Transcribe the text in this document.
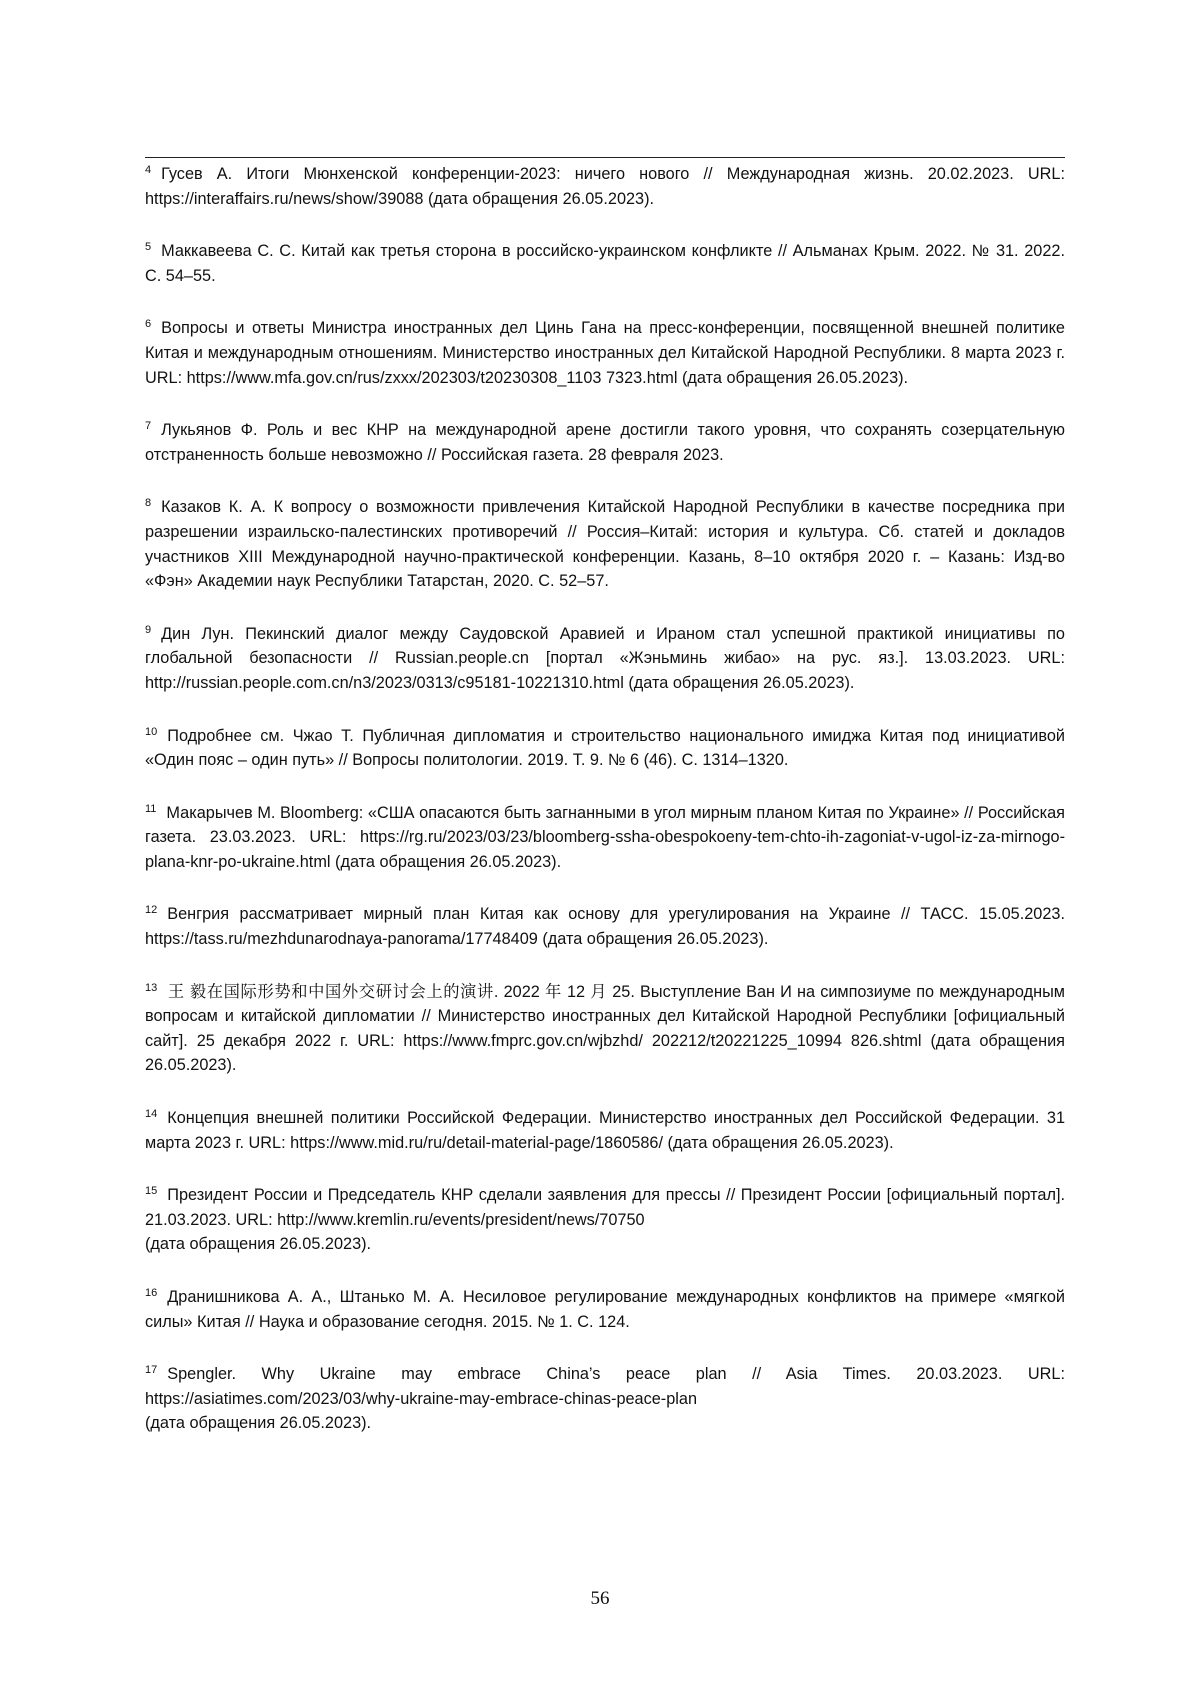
$^4$ Гусев А. Итоги Мюнхенской конференции-2023: ничего нового // Международная жизнь. 20.02.2023. URL: https://interaffairs.ru/news/show/39088 (дата обращения 26.05.2023).

$^5$ Маккавеева С. С. Китай как третья сторона в российско-украинском конфликте // Альманах Крым. 2022. № 31. 2022. С. 54–55.

$^6$ Вопросы и ответы Министра иностранных дел Цинь Гана на пресс-конференции, посвященной внешней политике Китая и международным отношениям. Министерство иностранных дел Китайской Народной Республики. 8 марта 2023 г. URL: https://www.mfa.gov.cn/rus/zxxx/202303/t20230308_1103 7323.html (дата обращения 26.05.2023).

$^7$ Лукьянов Ф. Роль и вес КНР на международной арене достигли такого уровня, что сохранять созерцательную отстраненность больше невозможно // Российская газета. 28 февраля 2023.

$^8$ Казаков К. А. К вопросу о возможности привлечения Китайской Народной Республики в качестве посредника при разрешении израильско-палестинских противоречий // Россия–Китай: история и культура. Сб. статей и докладов участников XIII Международной научно-практической конференции. Казань, 8–10 октября 2020 г. – Казань: Изд-во «Фэн» Академии наук Республики Татарстан, 2020. С. 52–57.

$^9$ Дин Лун. Пекинский диалог между Саудовской Аравией и Ираном стал успешной практикой инициативы по глобальной безопасности // Russian.people.cn [портал «Жэньминь жибао» на рус. яз.]. 13.03.2023. URL: http://russian.people.com.cn/n3/2023/0313/c95181-10221310.html (дата обращения 26.05.2023).

$^{10}$ Подробнее см. Чжао Т. Публичная дипломатия и строительство национального имиджа Китая под инициативой «Один пояс – один путь» // Вопросы политологии. 2019. Т. 9. № 6 (46). С. 1314–1320.

$^{11}$ Макарычев М. Bloomberg: «США опасаются быть загнанными в угол мирным планом Китая по Украине» // Российская газета. 23.03.2023. URL: https://rg.ru/2023/03/23/bloomberg-ssha-obespokoeny-tem-chto-ih-zagoniat-v-ugol-iz-za-mirnogo-plana-knr-po-ukraine.html (дата обращения 26.05.2023).

$^{12}$ Венгрия рассматривает мирный план Китая как основу для урегулирования на Украине // ТАСС. 15.05.2023. https://tass.ru/mezhdunarodnaya-panorama/17748409 (дата обращения 26.05.2023).

$^{13}$ 王 毅在国际形势和中国外交研讨会上的演讲. 2022 年 12 月 25. Выступление Ван И на симпозиуме по международным вопросам и китайской дипломатии // Министерство иностранных дел Китайской Народной Республики [официальный сайт]. 25 декабря 2022 г. URL: https://www.fmprc.gov.cn/wjbzhd/ 202212/t20221225_10994 826.shtml (дата обращения 26.05.2023).

$^{14}$ Концепция внешней политики Российской Федерации. Министерство иностранных дел Российской Федерации. 31 марта 2023 г. URL: https://www.mid.ru/ru/detail-material-page/1860586/ (дата обращения 26.05.2023).

$^{15}$ Президент России и Председатель КНР сделали заявления для прессы // Президент России [официальный портал]. 21.03.2023. URL: http://www.kremlin.ru/events/president/news/70750
(дата обращения 26.05.2023).

$^{16}$ Дранишникова А. А., Штанько М. А. Несиловое регулирование международных конфликтов на примере «мягкой силы» Китая // Наука и образование сегодня. 2015. № 1. С. 124.

$^{17}$ Spengler. Why Ukraine may embrace China’s peace plan // Asia Times. 20.03.2023. URL: https://asiatimes.com/2023/03/why-ukraine-may-embrace-chinas-peace-plan
(дата обращения 26.05.2023).

56
